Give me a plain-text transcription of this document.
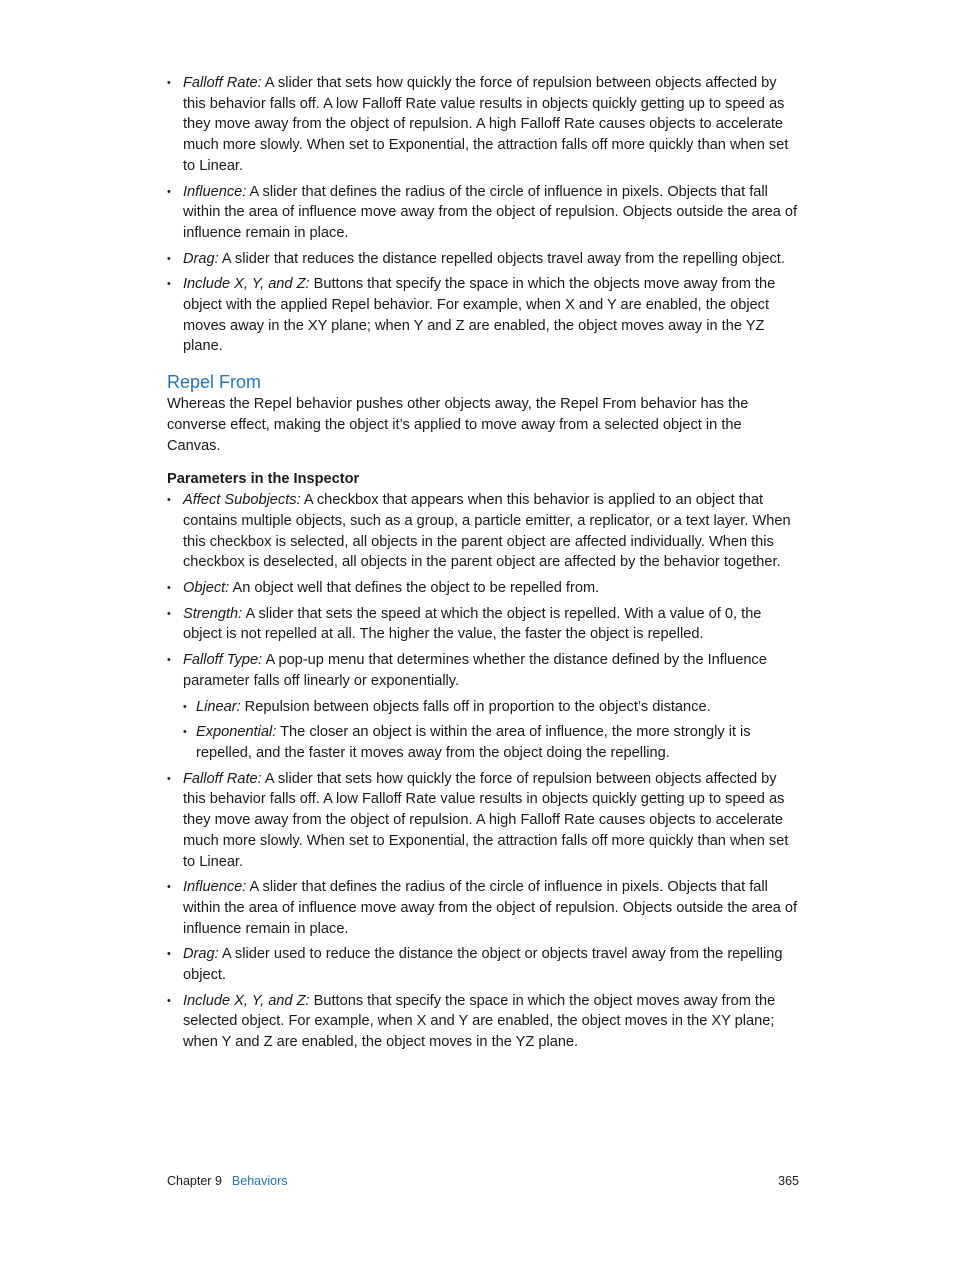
• Falloff Rate: A slider that sets how quickly the force of repulsion between objects affected by this behavior falls off. A low Falloff Rate value results in objects quickly getting up to speed as they move away from the object of repulsion. A high Falloff Rate causes objects to accelerate much more slowly. When set to Exponential, the attraction falls off more quickly than when set to Linear.
• Influence: A slider that defines the radius of the circle of influence in pixels. Objects that fall within the area of influence move away from the object of repulsion. Objects outside the area of influence remain in place.
• Drag: A slider that reduces the distance repelled objects travel away from the repelling object.
• Include X, Y, and Z: Buttons that specify the space in which the objects move away from the object with the applied Repel behavior. For example, when X and Y are enabled, the object moves away in the XY plane; when Y and Z are enabled, the object moves away in the YZ plane.
Repel From

Whereas the Repel behavior pushes other objects away, the Repel From behavior has the converse effect, making the object it’s applied to move away from a selected object in the Canvas.

Parameters in the Inspector
• Affect Subobjects: A checkbox that appears when this behavior is applied to an object that contains multiple objects, such as a group, a particle emitter, a replicator, or a text layer. When this checkbox is selected, all objects in the parent object are affected individually. When this checkbox is deselected, all objects in the parent object are affected by the behavior together.
• Object: An object well that defines the object to be repelled from.
• Strength: A slider that sets the speed at which the object is repelled. With a value of 0, the object is not repelled at all. The higher the value, the faster the object is repelled.
• Falloff Type: A pop-up menu that determines whether the distance defined by the Influence parameter falls off linearly or exponentially.
• Linear: Repulsion between objects falls off in proportion to the object’s distance.
• Exponential: The closer an object is within the area of influence, the more strongly it is repelled, and the faster it moves away from the object doing the repelling.
• Falloff Rate: A slider that sets how quickly the force of repulsion between objects affected by this behavior falls off. A low Falloff Rate value results in objects quickly getting up to speed as they move away from the object of repulsion. A high Falloff Rate causes objects to accelerate much more slowly. When set to Exponential, the attraction falls off more quickly than when set to Linear.
• Influence: A slider that defines the radius of the circle of influence in pixels. Objects that fall within the area of influence move away from the object of repulsion. Objects outside the area of influence remain in place.
• Drag: A slider used to reduce the distance the object or objects travel away from the repelling object.
• Include X, Y, and Z: Buttons that specify the space in which the object moves away from the selected object. For example, when X and Y are enabled, the object moves in the XY plane; when Y and Z are enabled, the object moves in the YZ plane.
Chapter 9 Behaviors	365
